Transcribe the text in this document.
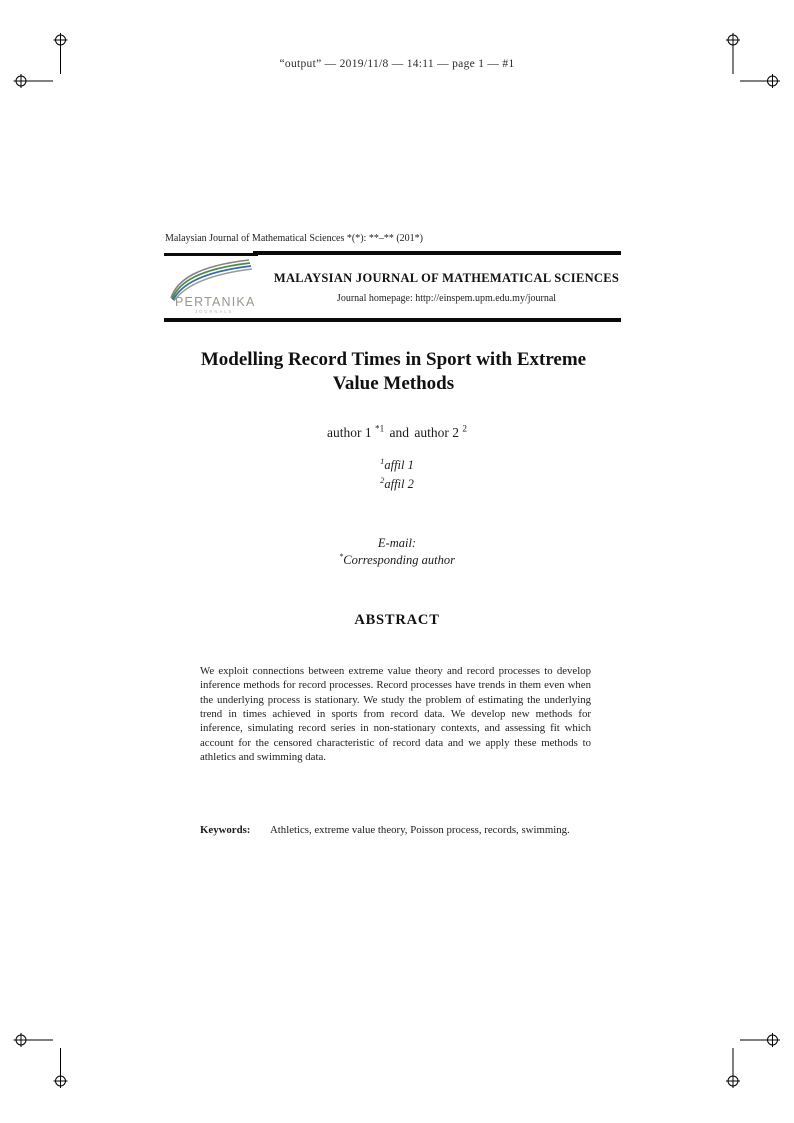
“output” — 2019/11/8 — 14:11 — page 1 — #1
Malaysian Journal of Mathematical Sciences *(*): **–** (201*)
PERTANIKA
JOURNALS
MALAYSIAN JOURNAL OF MATHEMATICAL SCIENCES
Journal homepage: http://einspem.upm.edu.my/journal
Modelling Record Times in Sport with Extreme
Value Methods
author 1 $^{*1}$ and author 2 $^2$
$^1$affil 1
$^2$affil 2
E-mail:
*Corresponding author
ABSTRACT
We exploit connections between extreme value theory and record processes to develop inference methods for record processes. Record processes have trends in them even when the underlying process is stationary. We study the problem of estimating the underlying trend in times achieved in sports from record data. We develop new methods for inference, simulating record series in non-stationary contexts, and assessing fit which account for the censored characteristic of record data and we apply these methods to athletics and swimming data.
Keywords:	Athletics, extreme value theory, Poisson process, records, swimming.
